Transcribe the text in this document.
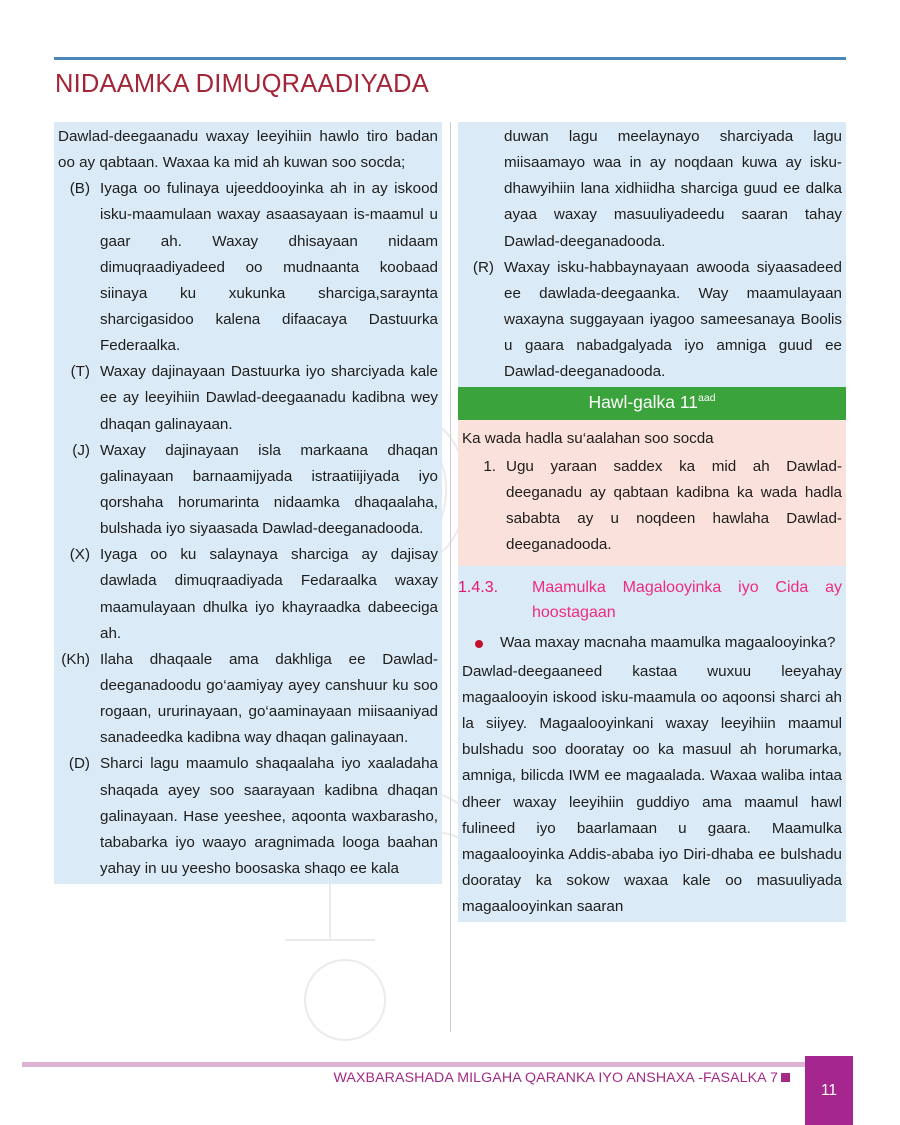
NIDAAMKA DIMUQRAADIYADA

Dawlad-deegaanadu waxay leeyihiin hawlo tiro badan oo ay qabtaan. Waxaa ka mid ah kuwan soo socda;

(B) Iyaga oo fulinaya ujeeddooyinka ah in ay iskood isku-maamulaan waxay asaasayaan is-maamul u gaar ah. Waxay dhisayaan nidaam dimuqraadiyadeed oo mudnaanta koobaad siinaya ku xukunka sharciga,saraynta sharcigasidoo kalena difaacaya Dastuurka Federaalka.
(T) Waxay dajinayaan Dastuurka iyo sharciyada kale ee ay leeyihiin Dawlad-deegaanadu kadibna wey dhaqan galinayaan.
(J) Waxay dajinayaan isla markaana dhaqan galinayaan barnaamijyada istraatiijiyada iyo qorshaha horumarinta nidaamka dhaqaalaha, bulshada iyo siyaasada Dawlad-deeganadooda.
(X) Iyaga oo ku salaynaya sharciga ay dajisay dawlada dimuqraadiyada Fedaraalka waxay maamulayaan dhulka iyo khayraadka dabeeciga ah.
(Kh) Ilaha dhaqaale ama dakhliga ee Dawlad-deeganadoodu go‘aamiyay ayey canshuur ku soo rogaan, ururinayaan, go‘aaminayaan miisaaniyad sanadeedka kadibna way dhaqan galinayaan.
(D) Sharci lagu maamulo shaqaalaha iyo xaaladaha shaqada ayey soo saarayaan kadibna dhaqan galinayaan. Hase yeeshee, aqoonta waxbarasho, tababarka iyo waayo aragnimada looga baahan yahay in uu yeesho boosaska shaqo ee kala
duwan lagu meelaynayo sharciyada lagu miisaamayo waa in ay noqdaan kuwa ay isku-dhawyihiin lana xidhiidha sharciga guud ee dalka ayaa waxay masuuliyadeedu saaran tahay Dawlad-deeganadooda.
(R) Waxay isku-habbaynayaan awooda siyaasadeed ee dawlada-deegaanka. Way maamulayaan waxayna suggayaan iyagoo sameesanaya Boolis u gaara nabadgalyada iyo amniga guud ee Dawlad-deeganadooda.
Hawl-galka $11^{aad}$
Ka wada hadla su‘aalahan soo socda
1. Ugu yaraan saddex ka mid ah Dawlad-deeganadu ay qabtaan kadibna ka wada hadla sababta ay u noqdeen hawlaha Dawlad-deeganadooda.
1.4.3.	Maamulka Magalooyinka iyo Cida ay hoostagaan
Waa maxay macnaha maamulka magaalooyinka?

Dawlad-deegaaneed kastaa wuxuu leeyahay magaalooyin iskood isku-maamula oo aqoonsi sharci ah la siiyey. Magaalooyinkani waxay leeyihiin maamul bulshadu soo dooratay oo ka masuul ah horumarka, amniga, bilicda IWM ee magaalada. Waxaa waliba intaa dheer waxay leeyihiin guddiyo ama maamul hawl fulineed iyo baarlamaan u gaara. Maamulka magaalooyinka Addis-ababa iyo Diri-dhaba ee bulshadu dooratay ka sokow waxaa kale oo masuuliyada magaalooyinkan saaran

WAXBARASHADA MILGAHA QARANKA IYO ANSHAXA -FASALKA 7
11
